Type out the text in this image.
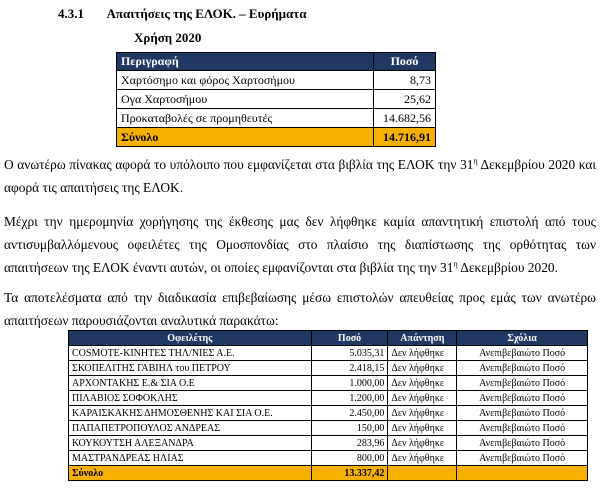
4.3.1 Απαιτήσεις της ΕΛΟΚ. – Ευρήματα
Χρήση 2020
Περιγραφή	Ποσό
Χαρτόσημο και φόρος Χαρτοσήμου	8,73
Ογα Χαρτοσήμου	25,62
Προκαταβολές σε προμηθευτές	14.682,56
Σύνολο	14.716,91
Ο ανωτέρω πίνακας αφορά το υπόλοιπο που εμφανίζεται στα βιβλία της ΕΛΟΚ την $31^\eta$ Δεκεμβρίου 2020 και αφορά τις απαιτήσεις της ΕΛΟΚ.
Μέχρι την ημερομηνία χορήγησης της έκθεσης μας δεν λήφθηκε καμία απαντητική επιστολή από τους αντισυμβαλλόμενους οφειλέτες της Ομοσπονδίας στο πλαίσιο της διαπίστωσης της ορθότητας των απαιτήσεων της ΕΛΟΚ έναντι αυτών, οι οποίες εμφανίζονται στα βιβλία της την $31^\eta$ Δεκεμβρίου 2020.
Τα αποτελέσματα από την διαδικασία επιβεβαίωσης μέσω επιστολών απευθείας προς εμάς των ανωτέρω απαιτήσεων παρουσιάζονται αναλυτικά παρακάτω:
Οφειλέτης	Ποσό	Απάντηση	Σχόλια
COSMOTE-ΚΙΝΗΤΕΣ ΤΗΛ/ΝΙΕΣ Α.Ε.	5.035,31	Δεν λήφθηκε	Ανεπιβεβαιώτο Ποσό
ΣΚΟΠΕΛΙΤΗΣ ΓΑΒΙΗΛ του ΠΕΤΡΟΥ	2.418,15	Δεν λήφθηκε	Ανεπιβεβαιώτο Ποσό
ΑΡΧΟΝΤΑΚΗΣ Ε.& ΣΙΑ Ο.Ε	1.000,00	Δεν λήφθηκε	Ανεπιβεβαιώτο Ποσό
ΠΙΛΑΒΙΟΣ ΣΟΦΟΚΛΗΣ	1.200,00	Δεν λήφθηκε	Ανεπιβεβαιώτο Ποσό
ΚΑΡΑΙΣΚΑΚΗΣ ΔΗΜΟΣΘΕΝΗΣ ΚΑΙ ΣΙΑ Ο.Ε.	2.450,00	Δεν λήφθηκε	Ανεπιβεβαιώτο Ποσό
ΠΑΠΑΠΕΤΡΟΠΟΥΛΟΣ ΑΝΔΡΕΑΣ	150,00	Δεν λήφθηκε	Ανεπιβεβαιώτο Ποσό
ΚΟΥΚΟΥΤΣΗ ΑΛΕΞΑΝΔΡΑ	283,96	Δεν λήφθηκε	Ανεπιβεβαιώτο Ποσό
ΜΑΣΤΡΑΝΔΡΕΑΣ ΗΛΙΑΣ	800,00	Δεν λήφθηκε	Ανεπιβεβαιώτο Ποσό
Σύνολο	13.337,42		
